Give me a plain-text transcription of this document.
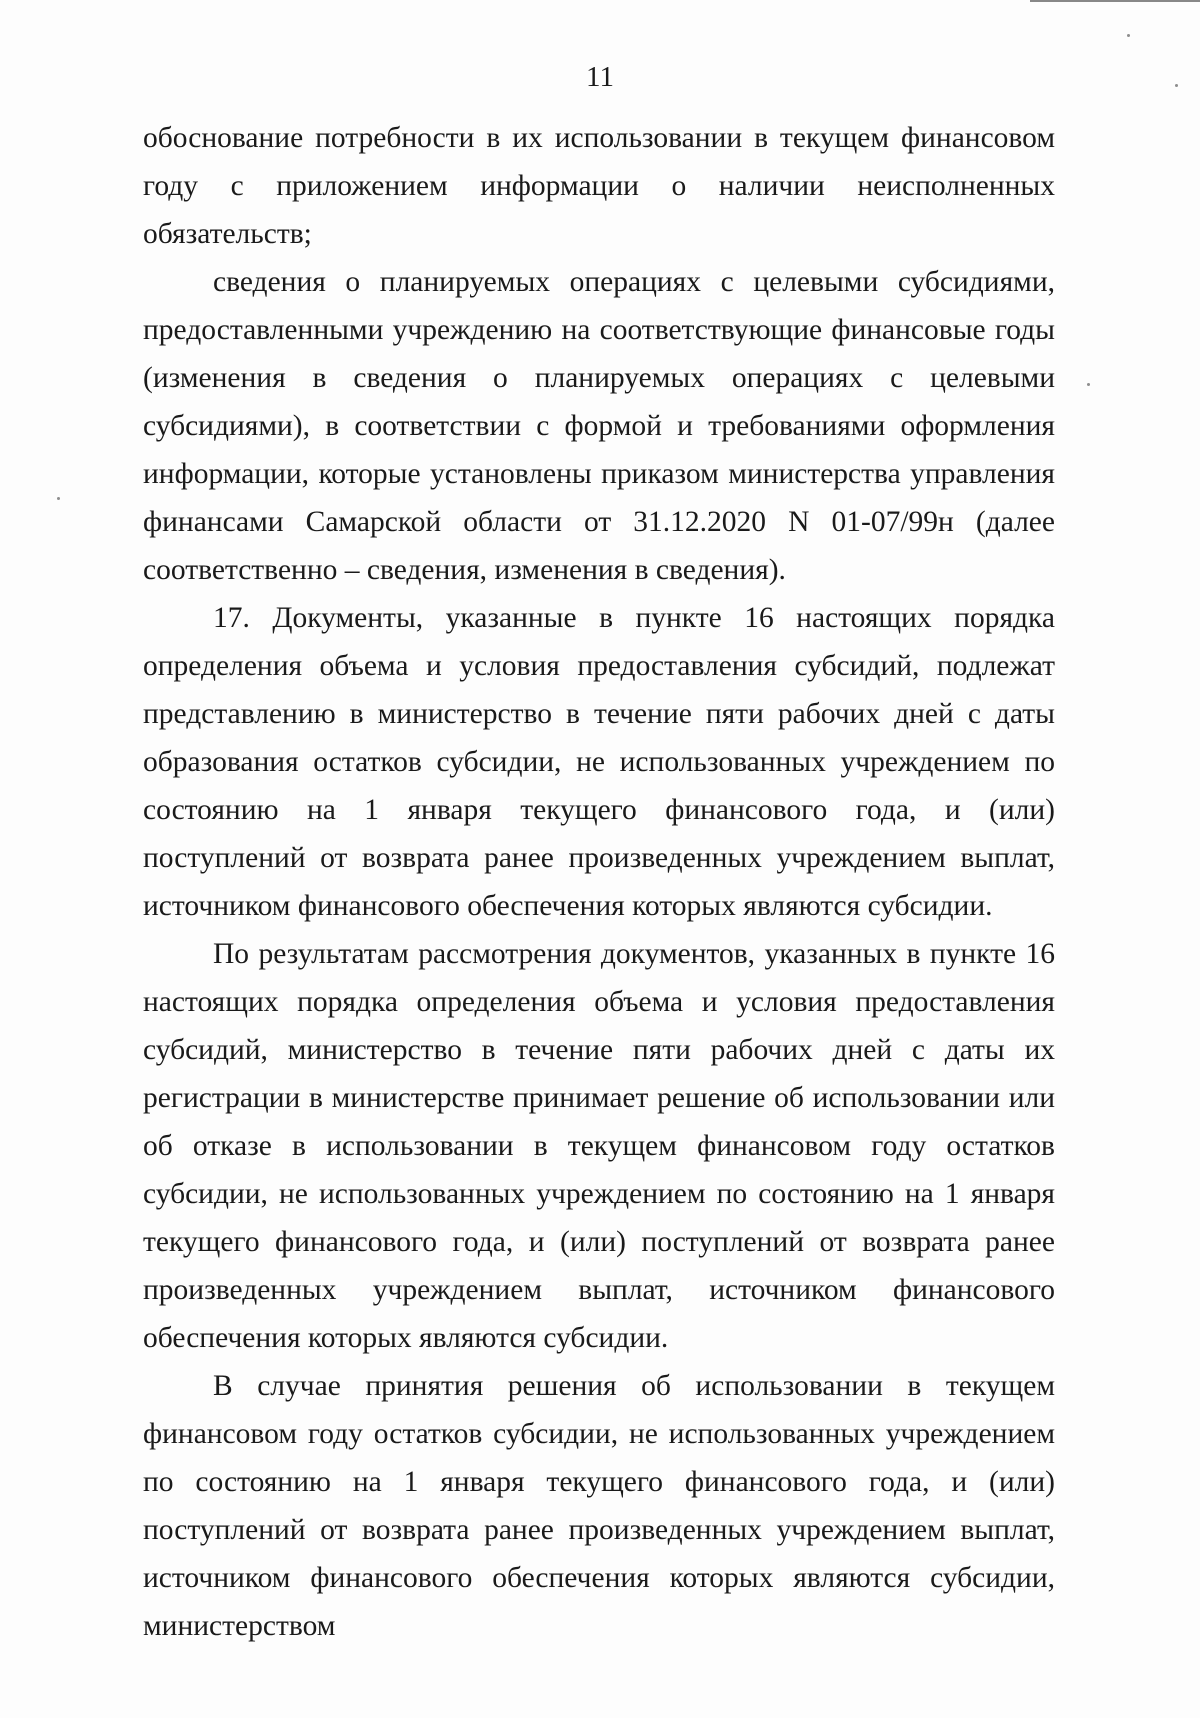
11

обоснование потребности в их использовании в текущем финансовом году с приложением информации о наличии неисполненных обязательств;

сведения о планируемых операциях с целевыми субсидиями, предоставленными учреждению на соответствующие финансовые годы (изменения в сведения о планируемых операциях с целевыми субсидиями), в соответствии с формой и требованиями оформления информации, которые установлены приказом министерства управления финансами Самарской области от 31.12.2020 N 01-07/99н (далее соответственно – сведения, изменения в сведения).

17. Документы, указанные в пункте 16 настоящих порядка определения объема и условия предоставления субсидий, подлежат представлению в министерство в течение пяти рабочих дней с даты образования остатков субсидии, не использованных учреждением по состоянию на 1 января текущего финансового года, и (или) поступлений от возврата ранее произведенных учреждением выплат, источником финансового обеспечения которых являются субсидии.

По результатам рассмотрения документов, указанных в пункте 16 настоящих порядка определения объема и условия предоставления субсидий, министерство в течение пяти рабочих дней с даты их регистрации в министерстве принимает решение об использовании или об отказе в использовании в текущем финансовом году остатков субсидии, не использованных учреждением по состоянию на 1 января текущего финансового года, и (или) поступлений от возврата ранее произведенных учреждением выплат, источником финансового обеспечения которых являются субсидии.

В случае принятия решения об использовании в текущем финансовом году остатков субсидии, не использованных учреждением по состоянию на 1 января текущего финансового года, и (или) поступлений от возврата ранее произведенных учреждением выплат, источником финансового обеспечения которых являются субсидии, министерством
